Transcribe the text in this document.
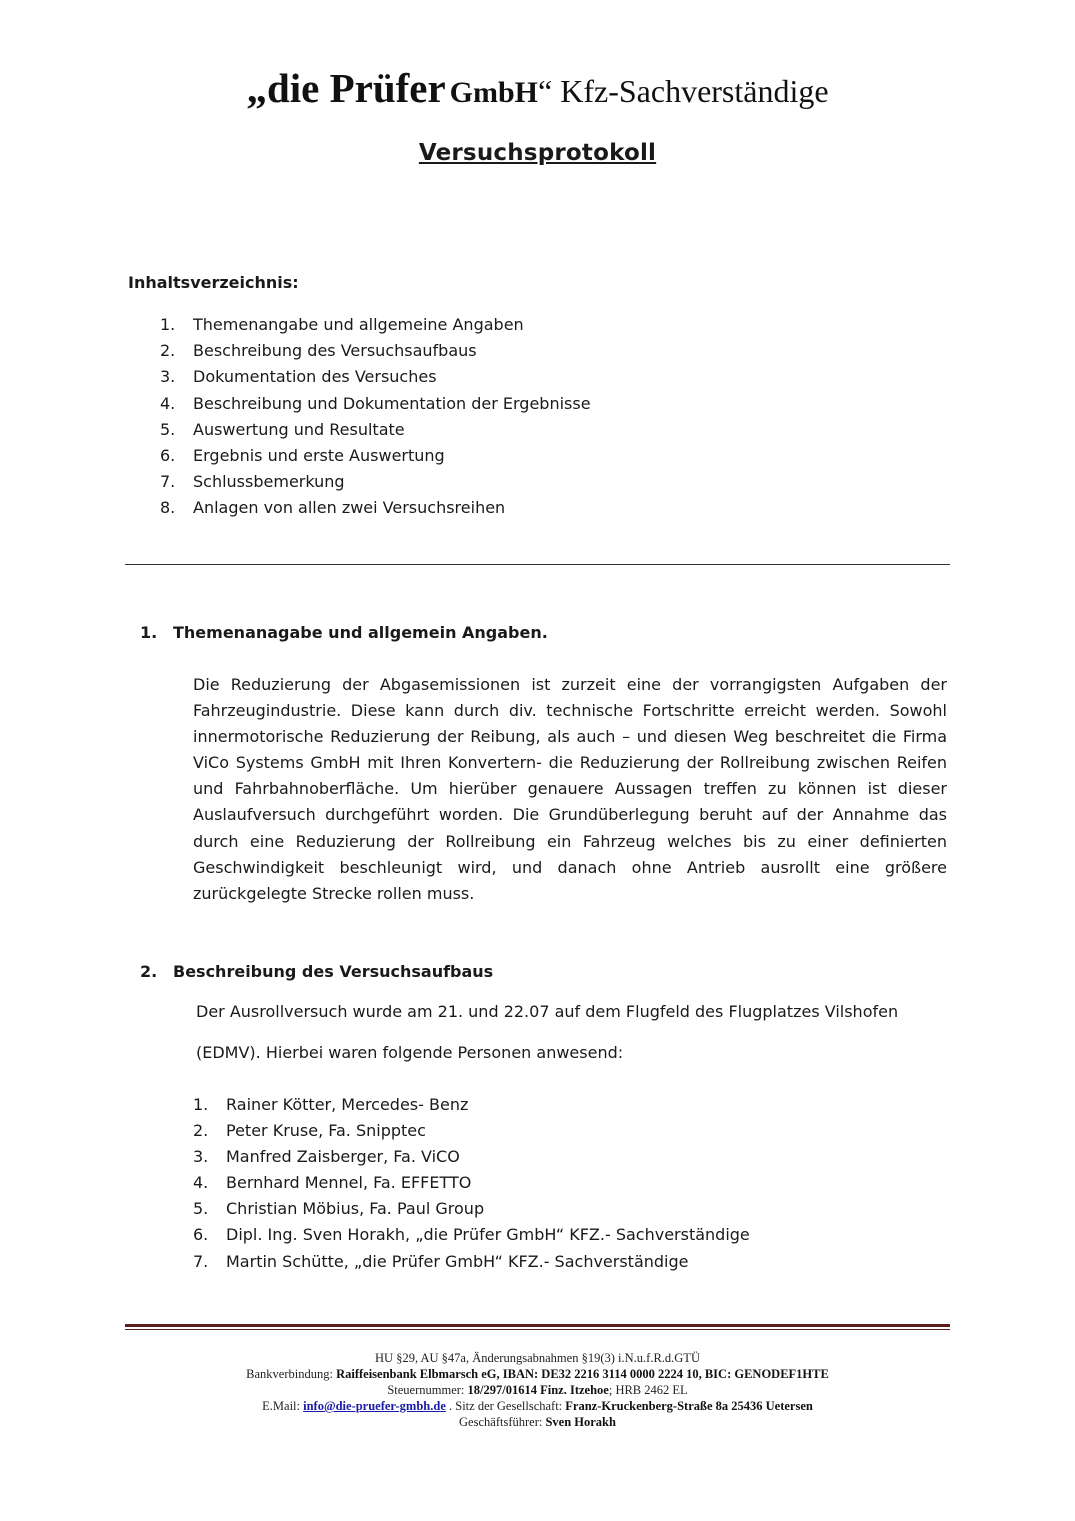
„die Prüfer GmbH“ Kfz-Sachverständige
Versuchsprotokoll
Inhaltsverzeichnis:
1. Themenangabe und allgemeine Angaben
2. Beschreibung des Versuchsaufbaus
3. Dokumentation des Versuches
4. Beschreibung und Dokumentation der Ergebnisse
5. Auswertung und Resultate
6. Ergebnis und erste Auswertung
7. Schlussbemerkung
8. Anlagen von allen zwei Versuchsreihen
1. Themenanagabe und allgemein Angaben.

Die Reduzierung der Abgasemissionen ist zurzeit eine der vorrangigsten Aufgaben der Fahrzeugindustrie. Diese kann durch div. technische Fortschritte erreicht werden. Sowohl innermotorische Reduzierung der Reibung, als auch – und diesen Weg beschreitet die Firma ViCo Systems GmbH mit Ihren Konvertern- die Reduzierung der Rollreibung zwischen Reifen und Fahrbahnoberfläche. Um hierüber genauere Aussagen treffen zu können ist dieser Auslaufversuch durchgeführt worden. Die Grundüberlegung beruht auf der Annahme das durch eine Reduzierung der Rollreibung ein Fahrzeug welches bis zu einer definierten Geschwindigkeit beschleunigt wird, und danach ohne Antrieb ausrollt eine größere zurückgelegte Strecke rollen muss.

2. Beschreibung des Versuchsaufbaus
Der Ausrollversuch wurde am 21. und 22.07 auf dem Flugfeld des Flugplatzes Vilshofen
(EDMV). Hierbei waren folgende Personen anwesend:
1. Rainer Kötter, Mercedes- Benz
2. Peter Kruse, Fa. Snipptec
3. Manfred Zaisberger, Fa. ViCO
4. Bernhard Mennel, Fa. EFFETTO
5. Christian Möbius, Fa. Paul Group
6. Dipl. Ing. Sven Horakh, „die Prüfer GmbH“ KFZ.- Sachverständige
7. Martin Schütte, „die Prüfer GmbH“ KFZ.- Sachverständige
HU §29, AU §47a, Änderungsabnahmen §19(3) i.N.u.f.R.d.GTÜ
Bankverbindung: Raiffeisenbank Elbmarsch eG, IBAN: DE32 2216 3114 0000 2224 10, BIC: GENODEF1HTE
Steuernummer: 18/297/01614 Finz. Itzehoe; HRB 2462 EL
E.Mail: info@die-pruefer-gmbh.de . Sitz der Gesellschaft: Franz-Kruckenberg-Straße 8a 25436 Uetersen
Geschäftsführer: Sven Horakh
